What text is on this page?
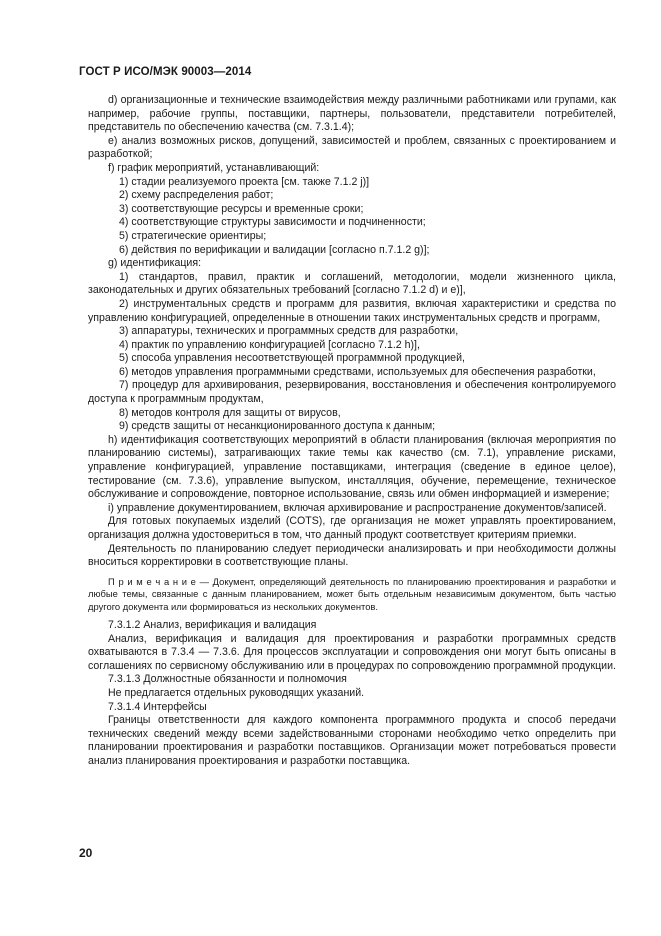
ГОСТ Р ИСО/МЭК 90003—2014

d) организационные и технические взаимодействия между различными работниками или групами, как например, рабочие группы, поставщики, партнеры, пользователи, представители потребителей, представитель по обеспечению качества (см. 7.3.1.4);

е) анализ возможных рисков, допущений, зависимостей и проблем, связанных с проектированием и разработкой;

f) график мероприятий, устанавливающий:

1) стадии реализуемого проекта [см. также 7.1.2 j)]

2) схему распределения работ;

3) соответствующие ресурсы и временные сроки;

4) соответствующие структуры зависимости и подчиненности;

5) стратегические ориентиры;

6) действия по верификации и валидации [согласно п.7.1.2 g)];

g) идентификация:

1) стандартов, правил, практик и соглашений, методологии, модели жизненного цикла, законодательных и других обязательных требований [согласно 7.1.2 d) и е)],

2) инструментальных средств и программ для развития, включая характеристики и средства по управлению конфигурацией, определенные в отношении таких инструментальных средств и программ,

3) аппаратуры, технических и программных средств для разработки,

4) практик по управлению конфигурацией [согласно 7.1.2 h)],

5) способа управления несоответствующей программной продукцией,

6) методов управления программными средствами, используемых для обеспечения разработки,

7) процедур для архивирования, резервирования, восстановления и обеспечения контролируемого доступа к программным продуктам,

8) методов контроля для защиты от вирусов,

9) средств защиты от несанкционированного доступа к данным;

h) идентификация соответствующих мероприятий в области планирования (включая мероприятия по планированию системы), затрагивающих такие темы как качество (см. 7.1), управление рисками, управление конфигурацией, управление поставщиками, интеграция (сведение в единое целое), тестирование (см. 7.3.6), управление выпуском, инсталляция, обучение, перемещение, техническое обслуживание и сопровождение, повторное использование, связь или обмен информацией и измерение;

i) управление документированием, включая архивирование и распространение документов/записей.

Для готовых покупаемых изделий (COTS), где организация не может управлять проектированием, организация должна удостовериться в том, что данный продукт соответствует критериям приемки.

Деятельность по планированию следует периодически анализировать и при необходимости должны вноситься корректировки в соответствующие планы.

П р и м е ч а н и е — Документ, определяющий деятельность по планированию проектирования и разработки и любые темы, связанные с данным планированием, может быть отдельным независимым документом, быть частью другого документа или формироваться из нескольких документов.

7.3.1.2 Анализ, верификация и валидация

Анализ, верификация и валидация для проектирования и разработки программных средств охватываются в 7.3.4 — 7.3.6. Для процессов эксплуатации и сопровождения они могут быть описаны в соглашениях по сервисному обслуживанию или в процедурах по сопровождению программной продукции.

7.3.1.3 Должностные обязанности и полномочия

Не предлагается отдельных руководящих указаний.

7.3.1.4 Интерфейсы

Границы ответственности для каждого компонента программного продукта и способ передачи технических сведений между всеми задействованными сторонами необходимо четко определить при планировании проектирования и разработки поставщиков. Организации может потребоваться провести анализ планирования проектирования и разработки поставщика.

20
